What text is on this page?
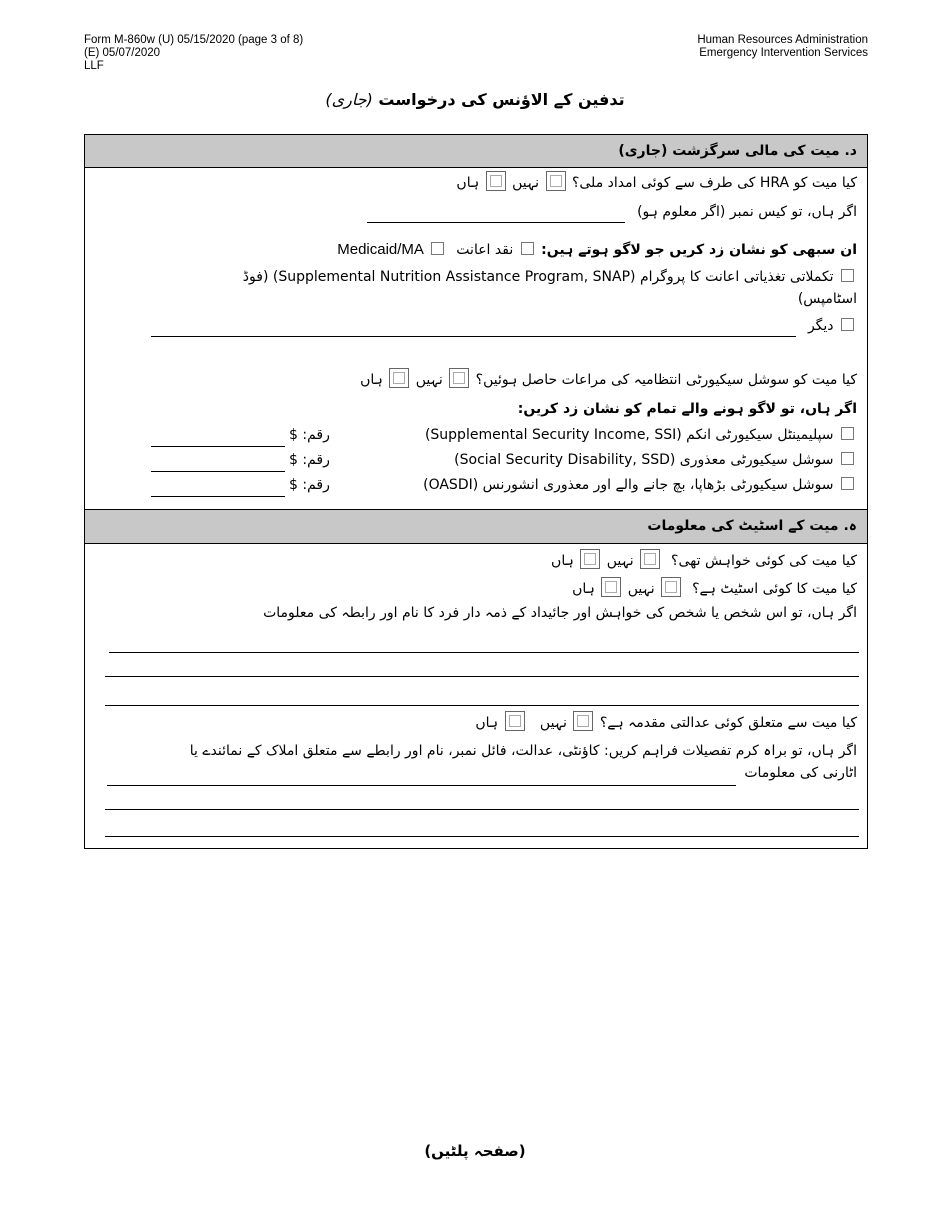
Form M-860w (U) 05/15/2020 (page 3 of 8)
(E) 05/07/2020
LLF
Human Resources Administration
Emergency Intervention Services
تدفین کے الاؤنس کی درخواست (جاری)
د. میت کی مالی سرگزشت (جاری)
کیا میت کو HRA کی طرف سے کوئی امداد ملی؟  نہیں  ہاں
اگر ہاں، تو کیس نمبر (اگر معلوم ہو)
ان سبھی کو نشان زد کریں جو لاگو ہوتے ہیں:  نقد اعانت   Medicaid/MA
تکملاتی تغذیاتی اعانت کا پروگرام (Supplemental Nutrition Assistance Program, SNAP) (فوڈ
اسٹامپس)
دیگر
کیا میت کو سوشل سیکیورٹی انتظامیہ کی مراعات حاصل ہوئیں؟  نہیں  ہاں
اگر ہاں، تو لاگو ہونے والے تمام کو نشان زد کریں:
سپلیمینٹل سیکیورٹی انکم (Supplemental Security Income, SSI)
رقم: $
سوشل سیکیورٹی معذوری (Social Security Disability, SSD)
رقم: $
سوشل سیکیورٹی بڑھاپا، بچ جانے والے اور معذوری انشورنس (OASDI)
رقم: $
ہ. میت کے اسٹیٹ کی معلومات
کیا میت کی کوئی خواہش تھی؟   نہیں  ہاں
کیا میت کا کوئی اسٹیٹ ہے؟   نہیں  ہاں
اگر ہاں، تو اس شخص یا شخص کی خواہش اور جائیداد کے ذمہ دار فرد کا نام اور رابطہ کی معلومات
کیا میت سے متعلق کوئی عدالتی مقدمہ ہے؟  نہیں    ہاں
اگر ہاں، تو براہ کرم تفصیلات فراہم کریں: کاؤنٹی، عدالت، فائل نمبر، نام اور رابطے سے متعلق املاک کے نمائندے یا
اٹارنی کی معلومات
(صفحہ پلٹیں)
